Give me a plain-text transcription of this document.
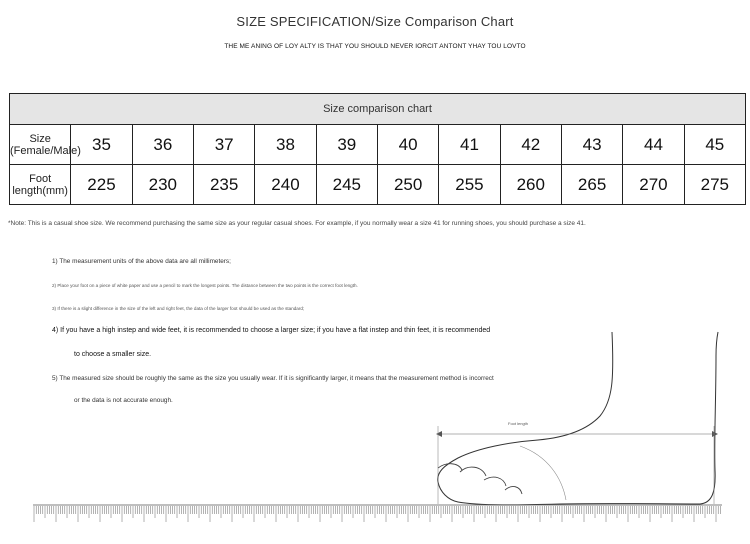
SIZE SPECIFICATION/Size Comparison Chart
THE ME ANING OF LOY ALTY IS THAT YOU SHOULD NEVER IORCIT ANTONT YHAY TOU LOVTO
Size comparison chart											
Size (Female/Male)	35	36	37	38	39	40	41	42	43	44	45
Foot length(mm)	225	230	235	240	245	250	255	260	265	270	275
*Note: This is a casual shoe size. We recommend purchasing the same size as your regular casual shoes. For example, if you normally wear a size 41 for running shoes, you should purchase a size 41.
1) The measurement units of the above data are all millimeters;
2) Place your foot on a piece of white paper and use a pencil to mark the longest points. The distance between the two points is the correct foot length.
3) If there is a slight difference in the size of the left and right feet, the data of the larger foot should be used as the standard;
4) If you have a high instep and wide feet, it is recommended to choose a larger size; if you have a flat instep and thin feet, it is recommended
to choose a smaller size.
5) The measured size should be roughly the same as the size you usually wear. If it is significantly larger, it means that the measurement method is incorrect
or the data is not accurate enough.
Foot length
